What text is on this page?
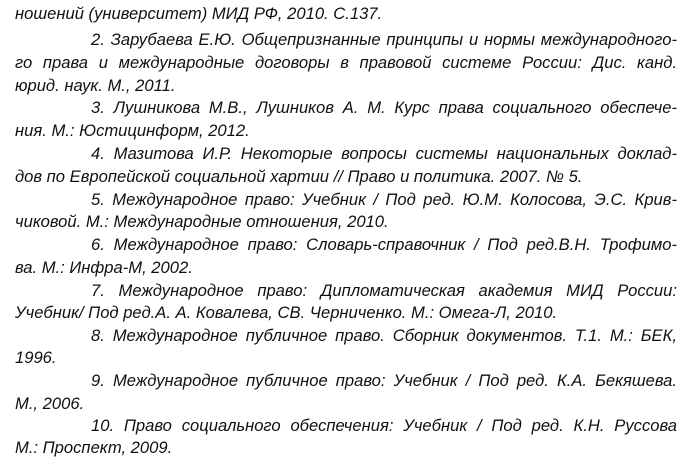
ношений (университет) МИД РФ, 2010. С.137.
2. Зарубаева Е.Ю. Общепризнанные принципы и нормы международного-
го права и международные договоры в правовой системе России: Дис. канд.
юрид. наук. М., 2011.
3. Лушникова М.В., Лушников А. М. Курс права социального обеспече-
ния. М.: Юстицинформ, 2012.
4. Мазитова И.Р. Некоторые вопросы системы национальных доклад-
дов по Европейской социальной хартии // Право и политика. 2007. № 5.
5. Международное право: Учебник / Под ред. Ю.М. Колосова, Э.С. Крив-
чиковой. М.: Международные отношения, 2010.
6. Международное право: Словарь-справочник / Под ред.В.Н. Трофимо-
ва. М.: Инфра-М, 2002.
7. Международное право: Дипломатическая академия МИД России:
Учебник/ Под ред.А. А. Ковалева, СВ. Черниченко. М.: Омега-Л, 2010.
8. Международное публичное право. Сборник документов. Т.1. М.: БЕК,
1996.
9. Международное публичное право: Учебник / Под ред. К.А. Бекяшева.
М., 2006.
10. Право социального обеспечения: Учебник / Под ред. К.Н. Руссова
М.: Проспект, 2009.
